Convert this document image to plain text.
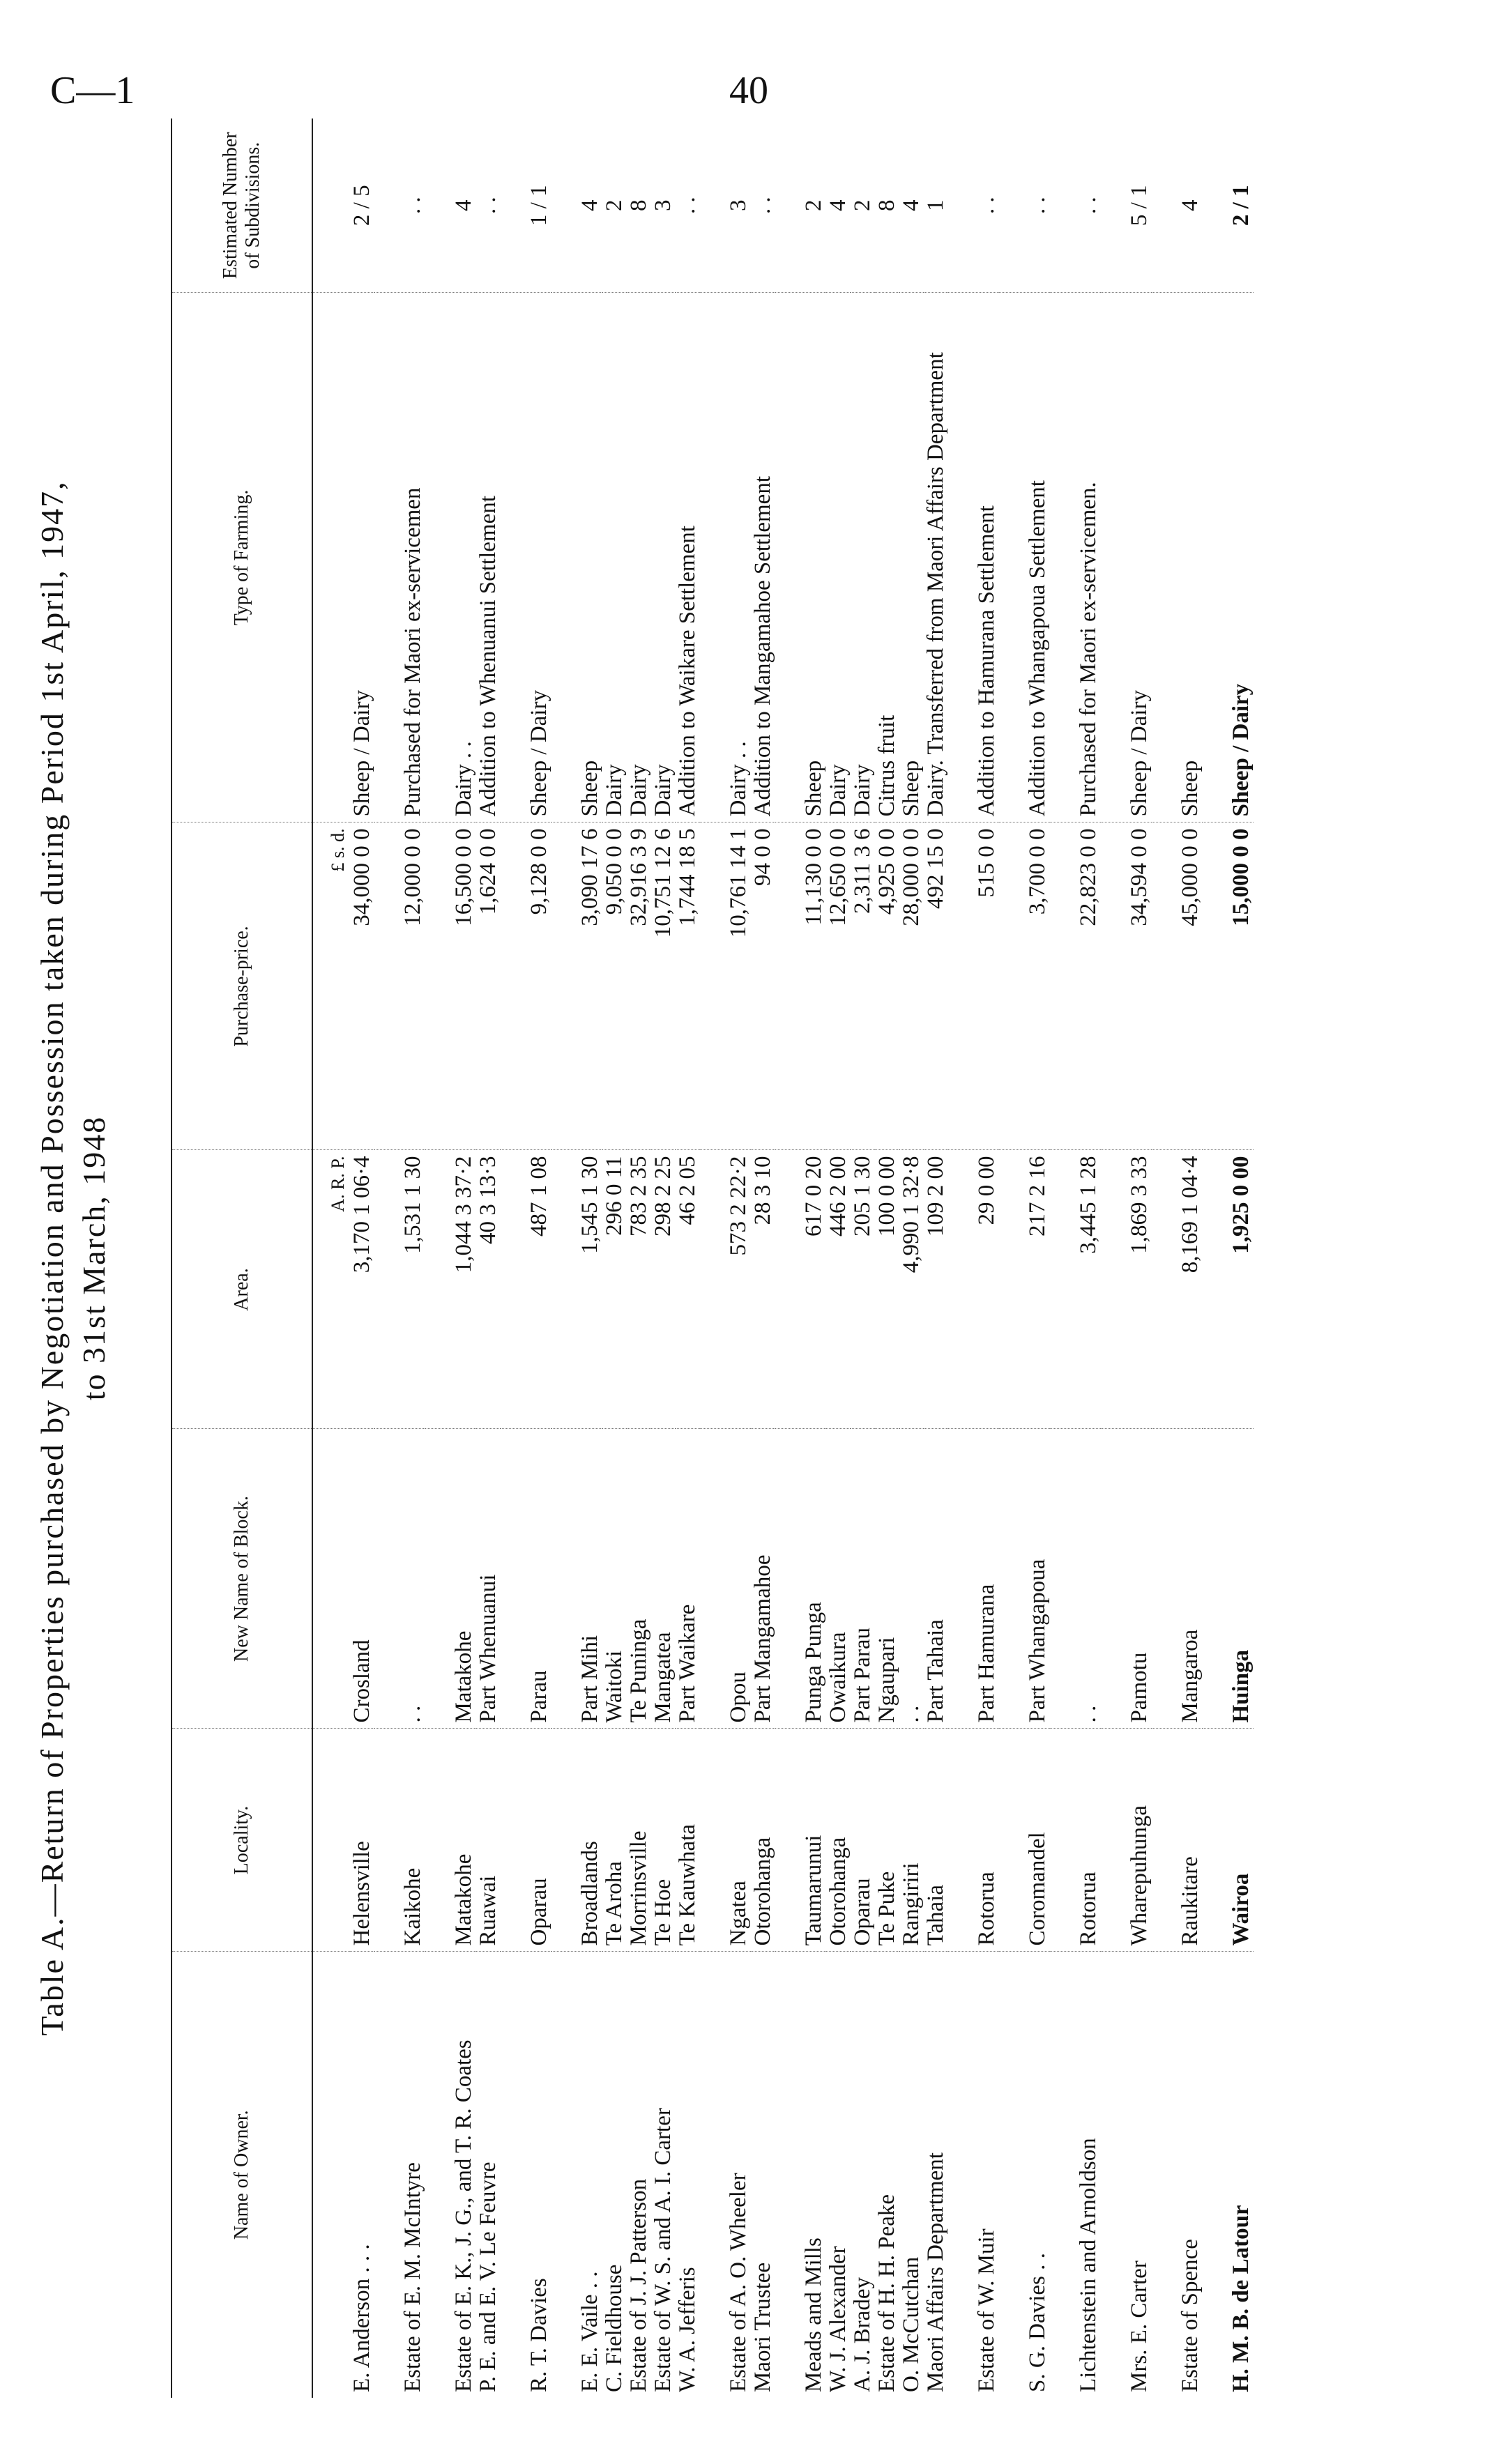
C—1	40
Table A.—Return of Properties purchased by Negotiation and Possession taken during Period 1st April, 1947, to 31st March, 1948
Name of Owner.	Locality.	New Name of Block.	Area.	Purchase-price.	Type of Farming.	Estimated Number of Subdivisions.
			A. R. P.	£ s. d.		
E. Anderson . . .	Helensville	Crosland	3,170 1 06·4	34,000 0 0	Sheep / Dairy	2 / 5
Estate of E. M. McIntyre	Kaikohe	. .	1,531 1 30	12,000 0 0	Purchased for Maori ex-servicemen	. .
Estate of E. K., J. G., and T. R. Coates	Matakohe	Matakohe	1,044 3 37·2	16,500 0 0	Dairy . .	4
P. E. and E. V. Le Feuvre	Ruawai	Part Whenuanui	40 3 13·3	1,624 0 0	Addition to Whenuanui Settlement	. .
R. T. Davies	Oparau	Parau	487 1 08	9,128 0 0	Sheep / Dairy	1 / 1
E. E. Vaile . .	Broadlands	Part Mihi	1,545 1 30	3,090 17 6	Sheep	4
C. Fieldhouse	Te Aroha	Waitoki	296 0 11	9,050 0 0	Dairy	2
Estate of J. J. Patterson	Morrinsville	Te Puninga	783 2 35	32,916 3 9	Dairy	8
Estate of W. S. and A. I. Carter	Te Hoe	Mangatea	298 2 25	10,751 12 6	Dairy	3
W. A. Jefferis	Te Kauwhata	Part Waikare	46 2 05	1,744 18 5	Addition to Waikare Settlement	. .
Estate of A. O. Wheeler	Ngatea	Opou	573 2 22·2	10,761 14 1	Dairy . .	3
Maori Trustee	Otorohanga	Part Mangamahoe	28 3 10	94 0 0	Addition to Mangamahoe Settlement	. .
Meads and Mills	Taumarunui	Punga Punga	617 0 20	11,130 0 0	Sheep	2
W. J. Alexander	Otorohanga	Owaikura	446 2 00	12,650 0 0	Dairy	4
A. J. Bradey	Oparau	Part Parau	205 1 30	2,311 3 6	Dairy	2
Estate of H. H. Peake	Te Puke	Ngaupari	100 0 00	4,925 0 0	Citrus fruit	8
O. McCutchan	Rangiriri	. .	4,990 1 32·8	28,000 0 0	Sheep	4
Maori Affairs Department	Tahaia	Part Tahaia	109 2 00	492 15 0	Dairy. Transferred from Maori Affairs Department	1
Estate of W. Muir	Rotorua	Part Hamurana	29 0 00	515 0 0	Addition to Hamurana Settlement	. .
S. G. Davies . .	Coromandel	Part Whangapoua	217 2 16	3,700 0 0	Addition to Whangapoua Settlement	. .
Lichtenstein and Arnoldson	Rotorua	. .	3,445 1 28	22,823 0 0	Purchased for Maori ex-servicemen.	. .
Mrs. E. Carter	Wharepuhunga	Pamotu	1,869 3 33	34,594 0 0	Sheep / Dairy	5 / 1
Estate of Spence	Raukitare	Mangaroa	8,169 1 04·4	45,000 0 0	Sheep	4
H. M. B. de Latour	Wairoa	Huinga	1,925 0 00	15,000 0 0	Sheep / Dairy	2 / 1
